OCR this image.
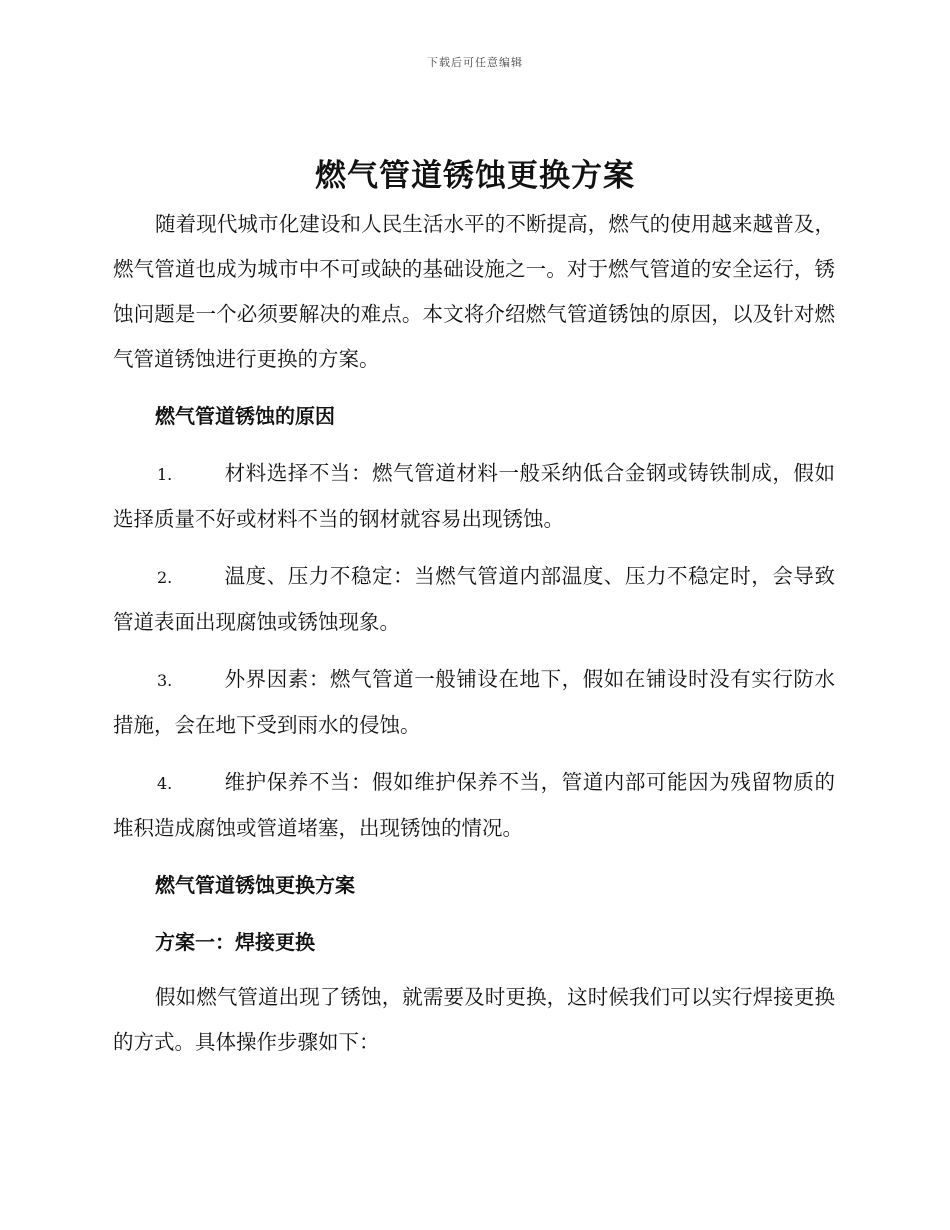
下载后可任意编辑
燃气管道锈蚀更换方案

随着现代城市化建设和人民生活水平的不断提高，燃气的使用越来越普及，燃气管道也成为城市中不可或缺的基础设施之一。对于燃气管道的安全运行，锈蚀问题是一个必须要解决的难点。本文将介绍燃气管道锈蚀的原因，以及针对燃气管道锈蚀进行更换的方案。

燃气管道锈蚀的原因

1.	材料选择不当：燃气管道材料一般采纳低合金钢或铸铁制成，假如选择质量不好或材料不当的钢材就容易出现锈蚀。

2.	温度、压力不稳定：当燃气管道内部温度、压力不稳定时，会导致管道表面出现腐蚀或锈蚀现象。

3.	外界因素：燃气管道一般铺设在地下，假如在铺设时没有实行防水措施，会在地下受到雨水的侵蚀。

4.	维护保养不当：假如维护保养不当，管道内部可能因为残留物质的堆积造成腐蚀或管道堵塞，出现锈蚀的情况。

燃气管道锈蚀更换方案

方案一：焊接更换

假如燃气管道出现了锈蚀，就需要及时更换，这时候我们可以实行焊接更换的方式。具体操作步骤如下：
